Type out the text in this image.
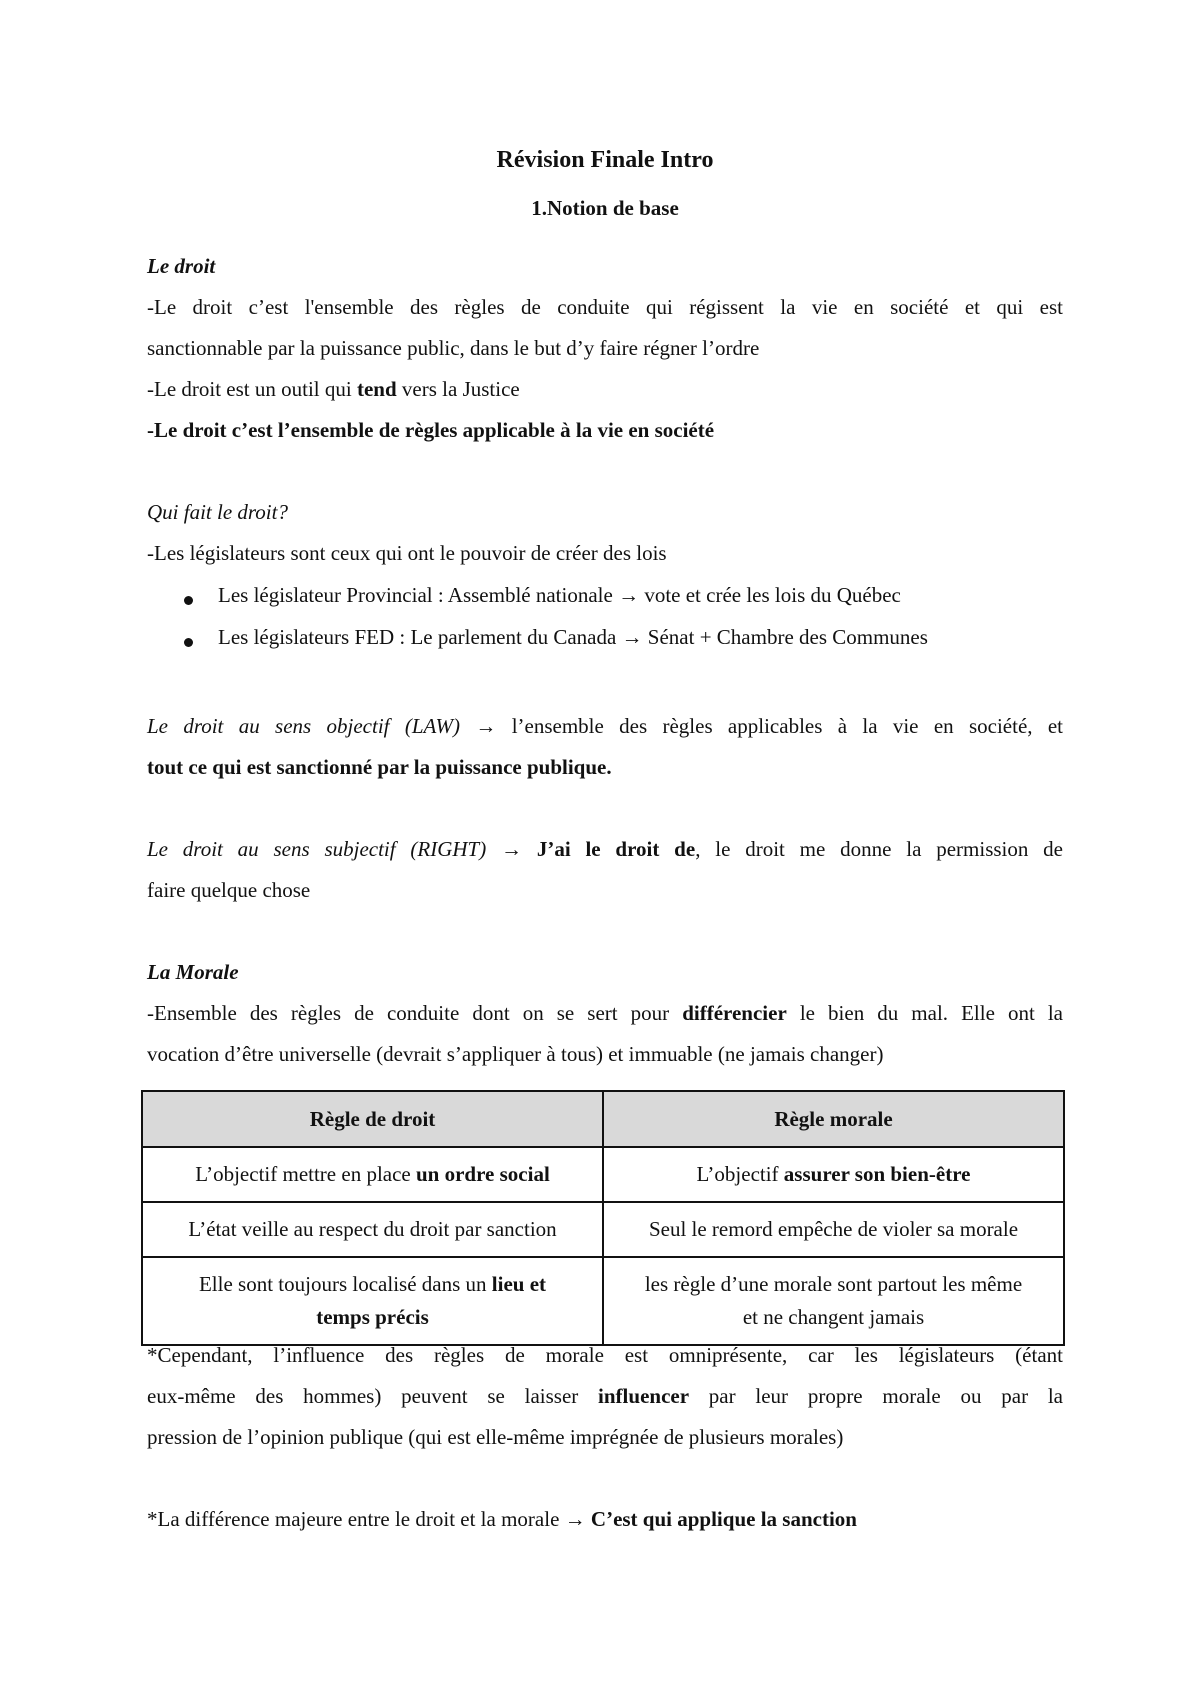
Révision Finale Intro
1.Notion de base
Le droit
-Le droit c’est l'ensemble des règles de conduite qui régissent la vie en société et qui est
sanctionnable par la puissance public, dans le but d’y faire régner l’ordre
-Le droit est un outil qui tend vers la Justice
-Le droit c’est l’ensemble de règles applicable à la vie en société
Qui fait le droit?
-Les législateurs sont ceux qui ont le pouvoir de créer des lois
Les législateur Provincial : Assemblé nationale → vote et crée les lois du Québec
Les législateurs FED : Le parlement du Canada → Sénat + Chambre des Communes
Le droit au sens objectif (LAW) → l’ensemble des règles applicables à la vie en société, et
tout ce qui est sanctionné par la puissance publique.
Le droit au sens subjectif (RIGHT) → J’ai le droit de, le droit me donne la permission de
faire quelque chose
La Morale
-Ensemble des règles de conduite dont on se sert pour différencier le bien du mal. Elle ont la
vocation d’être universelle (devrait s’appliquer à tous) et immuable (ne jamais changer)
*Cependant, l’influence des règles de morale est omniprésente, car les législateurs (étant
eux-même des hommes) peuvent se laisser influencer par leur propre morale ou par la
pression de l’opinion publique (qui est elle-même imprégnée de plusieurs morales)
*La différence majeure entre le droit et la morale → C’est qui applique la sanction
Règle de droit	Règle morale
L’objectif mettre en place un ordre social	L’objectif assurer son bien-être
L’état veille au respect du droit par sanction	Seul le remord empêche de violer sa morale
Elle sont toujours localisé dans un lieu et
temps précis	les règle d’une morale sont partout les même
et ne changent jamais
